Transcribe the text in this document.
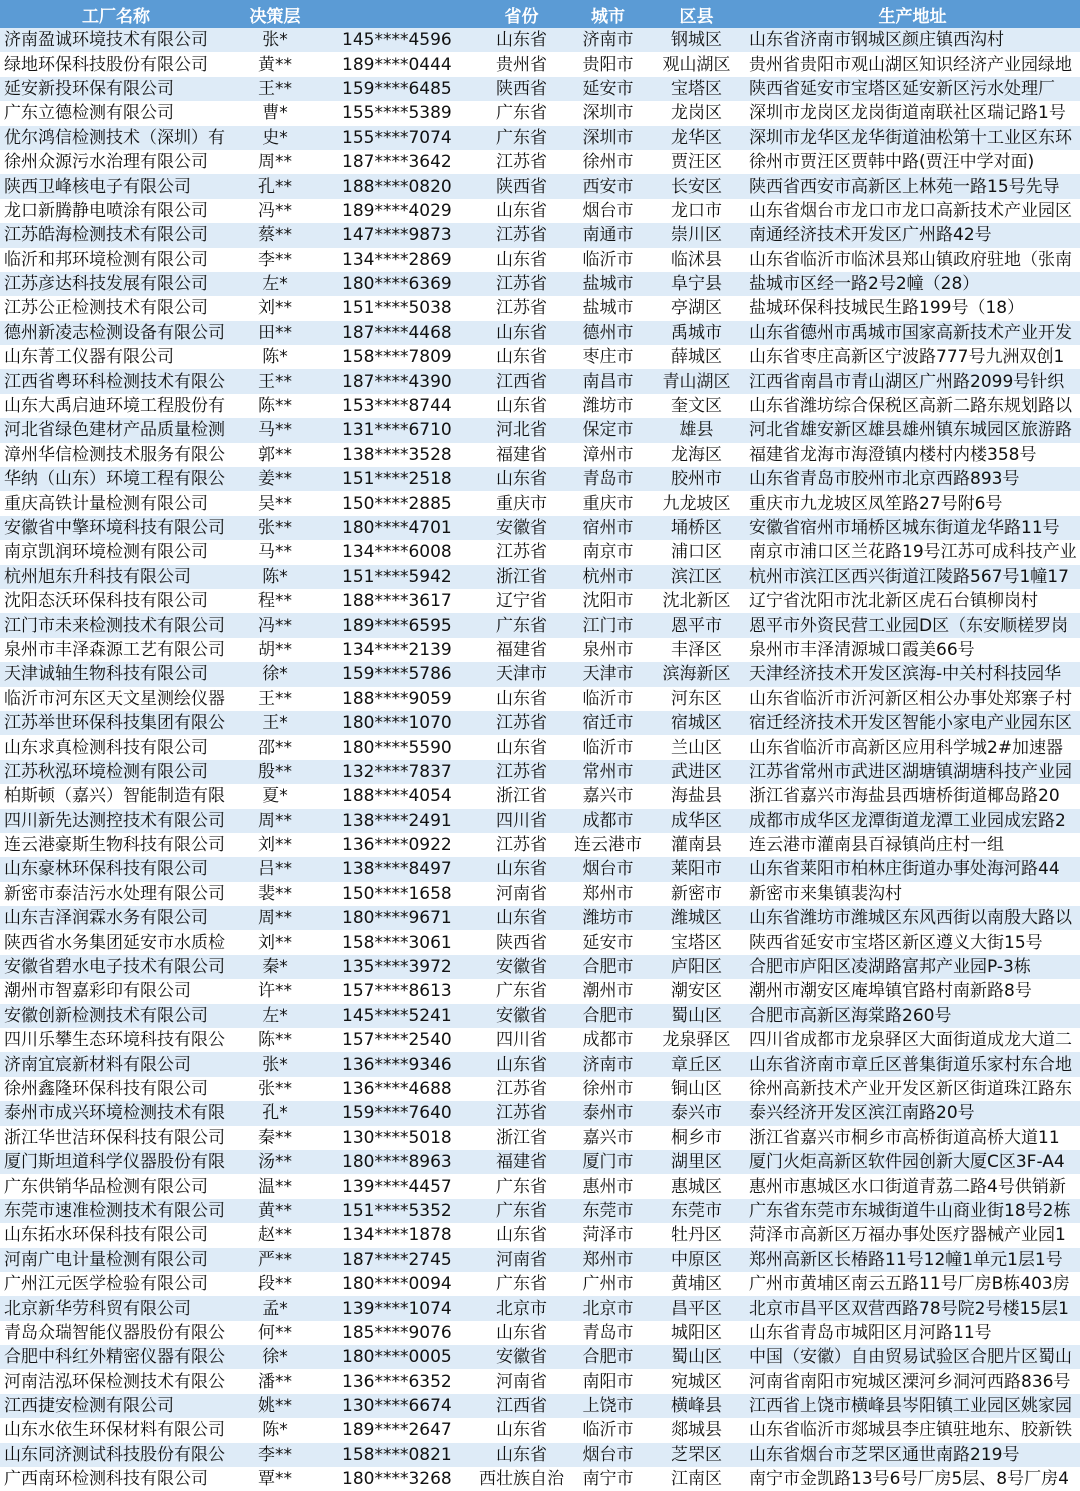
工厂名称	决策层		省份	城市	区县	生产地址
济南盈诚环境技术有限公司	张*	145****4596	山东省	济南市	钢城区	山东省济南市钢城区颜庄镇西沟村
绿地环保科技股份有限公司	黄**	189****0444	贵州省	贵阳市	观山湖区	贵州省贵阳市观山湖区知识经济产业园绿地
延安新投环保有限公司	王**	159****6485	陕西省	延安市	宝塔区	陕西省延安市宝塔区延安新区污水处理厂
广东立德检测有限公司	曹*	155****5389	广东省	深圳市	龙岗区	深圳市龙岗区龙岗街道南联社区瑞记路1号
优尔鸿信检测技术（深圳）有	史*	155****7074	广东省	深圳市	龙华区	深圳市龙华区龙华街道油松第十工业区东环
徐州众源污水治理有限公司	周**	187****3642	江苏省	徐州市	贾汪区	徐州市贾汪区贾韩中路(贾汪中学对面)
陕西卫峰核电子有限公司	孔**	188****0820	陕西省	西安市	长安区	陕西省西安市高新区上林苑一路15号先导
龙口新腾静电喷涂有限公司	冯**	189****4029	山东省	烟台市	龙口市	山东省烟台市龙口市龙口高新技术产业园区
江苏皓海检测技术有限公司	蔡**	147****9873	江苏省	南通市	崇川区	南通经济技术开发区广州路42号
临沂和邦环境检测有限公司	李**	134****2869	山东省	临沂市	临沭县	山东省临沂市临沭县郑山镇政府驻地（张南
江苏彦达科技发展有限公司	左*	180****6369	江苏省	盐城市	阜宁县	盐城市区经一路2号2幢（28）
江苏公正检测技术有限公司	刘**	151****5038	江苏省	盐城市	亭湖区	盐城环保科技城民生路199号（18）
德州新凌志检测设备有限公司	田**	187****4468	山东省	德州市	禹城市	山东省德州市禹城市国家高新技术产业开发
山东菁工仪器有限公司	陈*	158****7809	山东省	枣庄市	薛城区	山东省枣庄高新区宁波路777号九洲双创1
江西省粤环科检测技术有限公	王**	187****4390	江西省	南昌市	青山湖区	江西省南昌市青山湖区广州路2099号针织
山东大禹启迪环境工程股份有	陈**	153****8744	山东省	潍坊市	奎文区	山东省潍坊综合保税区高新二路东规划路以
河北省绿色建材产品质量检测	马**	131****6710	河北省	保定市	雄县	河北省雄安新区雄县雄州镇东城园区旅游路
漳州华信检测技术服务有限公	郭**	138****3528	福建省	漳州市	龙海区	福建省龙海市海澄镇内楼村内楼358号
华纳（山东）环境工程有限公	姜**	151****2518	山东省	青岛市	胶州市	山东省青岛市胶州市北京西路893号
重庆高铁计量检测有限公司	吴**	150****2885	重庆市	重庆市	九龙坡区	重庆市九龙坡区凤笙路27号附6号
安徽省中擎环境科技有限公司	张**	180****4701	安徽省	宿州市	埇桥区	安徽省宿州市埇桥区城东街道龙华路11号
南京凯润环境检测有限公司	马**	134****6008	江苏省	南京市	浦口区	南京市浦口区兰花路19号江苏可成科技产业
杭州旭东升科技有限公司	陈*	151****5942	浙江省	杭州市	滨江区	杭州市滨江区西兴街道江陵路567号1幢17
沈阳态沃环保科技有限公司	程**	188****3617	辽宁省	沈阳市	沈北新区	辽宁省沈阳市沈北新区虎石台镇柳岗村
江门市未来检测技术有限公司	冯**	189****6595	广东省	江门市	恩平市	恩平市外资民营工业园D区（东安顺槎罗岗
泉州市丰泽森源工艺有限公司	胡**	134****2139	福建省	泉州市	丰泽区	泉州市丰泽清源城口霞美66号
天津诚轴生物科技有限公司	徐*	159****5786	天津市	天津市	滨海新区	天津经济技术开发区滨海-中关村科技园华
临沂市河东区天文星测绘仪器	王**	188****9059	山东省	临沂市	河东区	山东省临沂市沂河新区相公办事处郑寨子村
江苏举世环保科技集团有限公	王*	180****1070	江苏省	宿迁市	宿城区	宿迁经济技术开发区智能小家电产业园东区
山东求真检测科技有限公司	邵**	180****5590	山东省	临沂市	兰山区	山东省临沂市高新区应用科学城2#加速器
江苏秋泓环境检测有限公司	殷**	132****7837	江苏省	常州市	武进区	江苏省常州市武进区湖塘镇湖塘科技产业园
柏斯顿（嘉兴）智能制造有限	夏*	188****4054	浙江省	嘉兴市	海盐县	浙江省嘉兴市海盐县西塘桥街道椰岛路20
四川新先达测控技术有限公司	周**	138****2491	四川省	成都市	成华区	成都市成华区龙潭街道龙潭工业园成宏路2
连云港豪斯生物科技有限公司	刘**	136****0922	江苏省	连云港市	灌南县	连云港市灌南县百禄镇尚庄村一组
山东豪林环保科技有限公司	吕**	138****8497	山东省	烟台市	莱阳市	山东省莱阳市柏林庄街道办事处海河路44
新密市泰洁污水处理有限公司	裴**	150****1658	河南省	郑州市	新密市	新密市来集镇裴沟村
山东吉泽润霖水务有限公司	周**	180****9671	山东省	潍坊市	潍城区	山东省潍坊市潍城区东风西街以南殷大路以
陕西省水务集团延安市水质检	刘**	158****3061	陕西省	延安市	宝塔区	陕西省延安市宝塔区新区遵义大街15号
安徽省碧水电子技术有限公司	秦*	135****3972	安徽省	合肥市	庐阳区	合肥市庐阳区凌湖路富邦产业园P-3栋
潮州市智嘉彩印有限公司	许**	157****8613	广东省	潮州市	潮安区	潮州市潮安区庵埠镇官路村南新路8号
安徽创新检测技术有限公司	左*	145****5241	安徽省	合肥市	蜀山区	合肥市高新区海棠路260号
四川乐攀生态环境科技有限公	陈**	157****2540	四川省	成都市	龙泉驿区	四川省成都市龙泉驿区大面街道成龙大道二
济南宜宸新材料有限公司	张*	136****9346	山东省	济南市	章丘区	山东省济南市章丘区普集街道乐家村东合地
徐州鑫隆环保科技有限公司	张**	136****4688	江苏省	徐州市	铜山区	徐州高新技术产业开发区新区街道珠江路东
泰州市成兴环境检测技术有限	孔*	159****7640	江苏省	泰州市	泰兴市	泰兴经济开发区滨江南路20号
浙江华世洁环保科技有限公司	秦**	130****5018	浙江省	嘉兴市	桐乡市	浙江省嘉兴市桐乡市高桥街道高桥大道11
厦门斯坦道科学仪器股份有限	汤**	180****8963	福建省	厦门市	湖里区	厦门火炬高新区软件园创新大厦C区3F-A4
广东供销华品检测有限公司	温**	139****4457	广东省	惠州市	惠城区	惠州市惠城区水口街道青荔二路4号供销新
东莞市速准检测技术有限公司	黄**	151****5352	广东省	东莞市	东莞市	广东省东莞市东城街道牛山商业街18号2栋
山东拓水环保科技有限公司	赵**	134****1878	山东省	菏泽市	牡丹区	菏泽市高新区万福办事处医疗器械产业园1
河南广电计量检测有限公司	严**	187****2745	河南省	郑州市	中原区	郑州高新区长椿路11号12幢1单元1层1号
广州江元医学检验有限公司	段**	180****0094	广东省	广州市	黄埔区	广州市黄埔区南云五路11号厂房B栋403房
北京新华劳科贸有限公司	孟*	139****1074	北京市	北京市	昌平区	北京市昌平区双营西路78号院2号楼15层1
青岛众瑞智能仪器股份有限公	何**	185****9076	山东省	青岛市	城阳区	山东省青岛市城阳区月河路11号
合肥中科红外精密仪器有限公	徐*	180****0005	安徽省	合肥市	蜀山区	中国（安徽）自由贸易试验区合肥片区蜀山
河南洁泓环保检测技术有限公	潘**	136****6352	河南省	南阳市	宛城区	河南省南阳市宛城区溧河乡洞河西路836号
江西捷安检测有限公司	姚**	130****6674	江西省	上饶市	横峰县	江西省上饶市横峰县岑阳镇工业园区姚家园
山东水依生环保材料有限公司	陈*	189****2647	山东省	临沂市	郯城县	山东省临沂市郯城县李庄镇驻地东、胶新铁
山东同济测试科技股份有限公	李**	158****0821	山东省	烟台市	芝罘区	山东省烟台市芝罘区通世南路219号
广西南环检测科技有限公司	覃**	180****3268	西壮族自治	南宁市	江南区	南宁市金凯路13号6号厂房5层、8号厂房4
